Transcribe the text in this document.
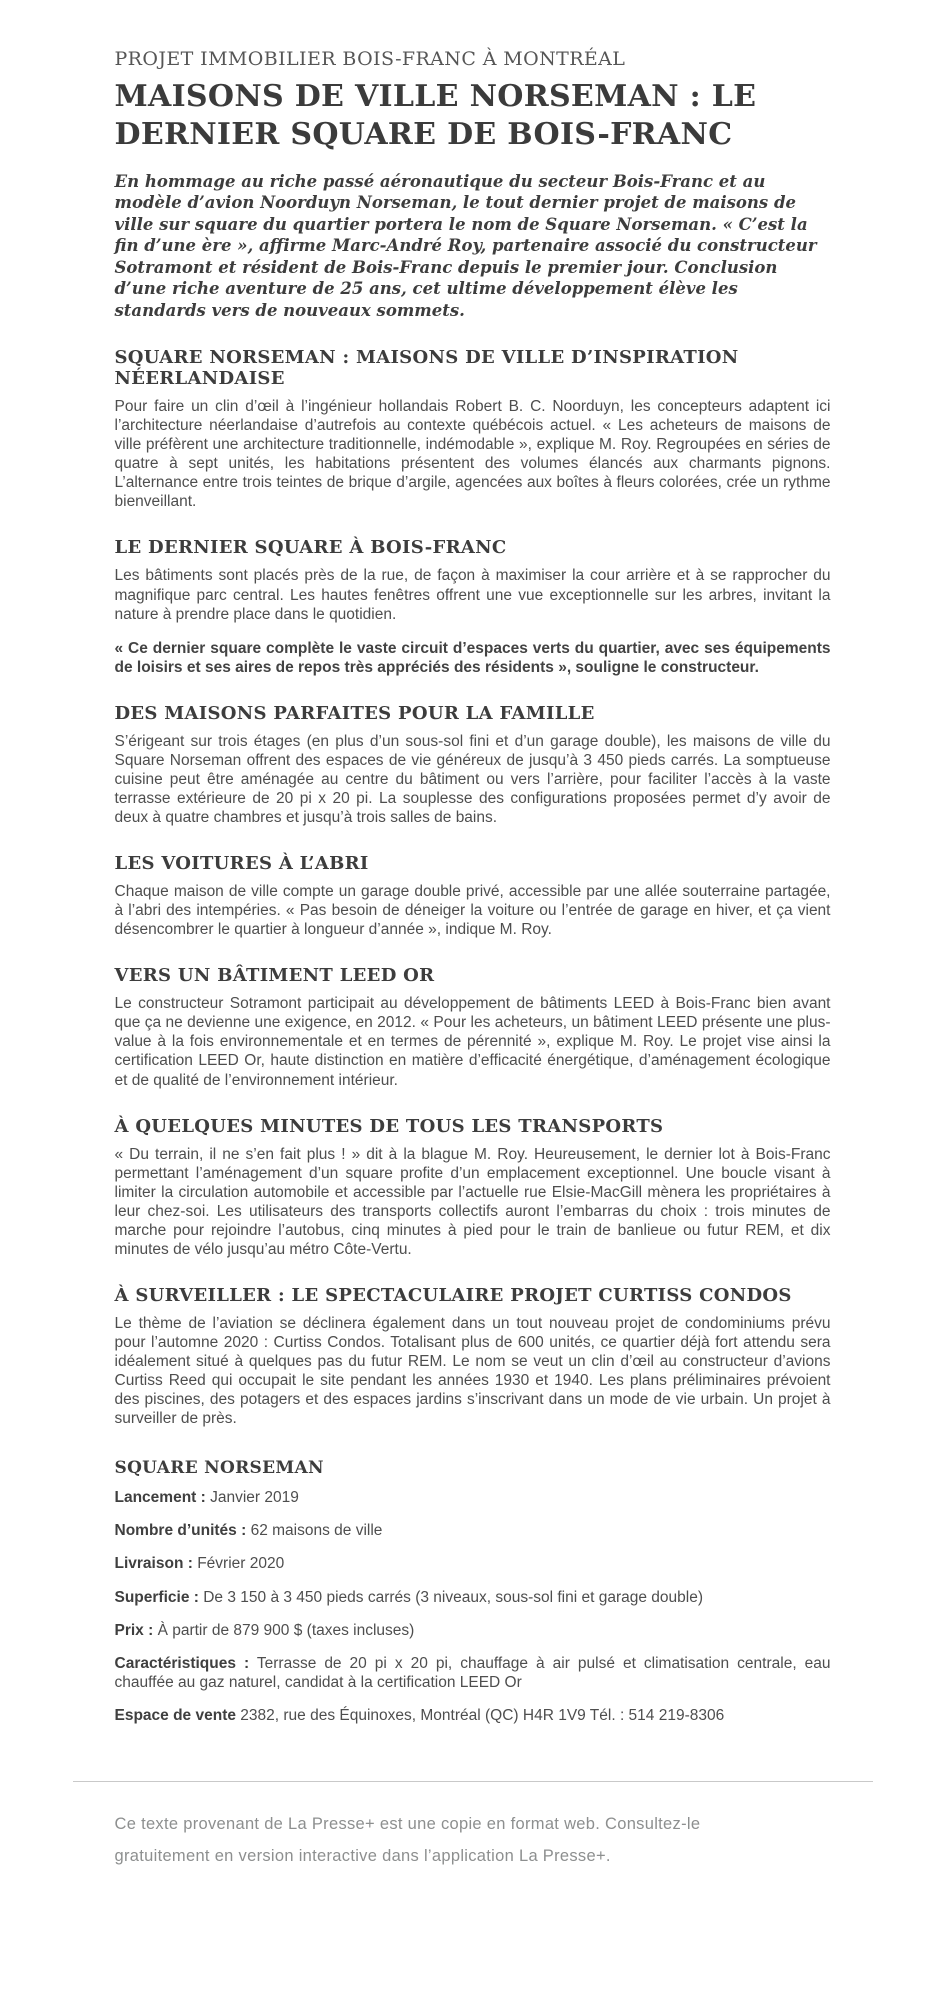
PROJET IMMOBILIER BOIS-FRANC À MONTRÉAL
MAISONS DE VILLE NORSEMAN : LE DERNIER SQUARE DE BOIS-FRANC

En hommage au riche passé aéronautique du secteur Bois-Franc et au modèle d’avion Noorduyn Norseman, le tout dernier projet de maisons de ville sur square du quartier portera le nom de Square Norseman. « C’est la fin d’une ère », affirme Marc-André Roy, partenaire associé du constructeur Sotramont et résident de Bois-Franc depuis le premier jour. Conclusion d’une riche aventure de 25 ans, cet ultime développement élève les standards vers de nouveaux sommets.

SQUARE NORSEMAN : MAISONS DE VILLE D’INSPIRATION NÉERLANDAISE

Pour faire un clin d’œil à l’ingénieur hollandais Robert B. C. Noorduyn, les concepteurs adaptent ici l’architecture néerlandaise d’autrefois au contexte québécois actuel. « Les acheteurs de maisons de ville préfèrent une architecture traditionnelle, indémodable », explique M. Roy. Regroupées en séries de quatre à sept unités, les habitations présentent des volumes élancés aux charmants pignons. L’alternance entre trois teintes de brique d’argile, agencées aux boîtes à fleurs colorées, crée un rythme bienveillant.

LE DERNIER SQUARE À BOIS-FRANC

Les bâtiments sont placés près de la rue, de façon à maximiser la cour arrière et à se rapprocher du magnifique parc central. Les hautes fenêtres offrent une vue exceptionnelle sur les arbres, invitant la nature à prendre place dans le quotidien.

« Ce dernier square complète le vaste circuit d’espaces verts du quartier, avec ses équipements de loisirs et ses aires de repos très appréciés des résidents », souligne le constructeur.

DES MAISONS PARFAITES POUR LA FAMILLE

S’érigeant sur trois étages (en plus d’un sous-sol fini et d’un garage double), les maisons de ville du Square Norseman offrent des espaces de vie généreux de jusqu’à 3 450 pieds carrés. La somptueuse cuisine peut être aménagée au centre du bâtiment ou vers l’arrière, pour faciliter l’accès à la vaste terrasse extérieure de 20 pi x 20 pi. La souplesse des configurations proposées permet d’y avoir de deux à quatre chambres et jusqu’à trois salles de bains.

LES VOITURES À L’ABRI

Chaque maison de ville compte un garage double privé, accessible par une allée souterraine partagée, à l’abri des intempéries. « Pas besoin de déneiger la voiture ou l’entrée de garage en hiver, et ça vient désencombrer le quartier à longueur d’année », indique M. Roy.

VERS UN BÂTIMENT LEED OR

Le constructeur Sotramont participait au développement de bâtiments LEED à Bois-Franc bien avant que ça ne devienne une exigence, en 2012. « Pour les acheteurs, un bâtiment LEED présente une plus-value à la fois environnementale et en termes de pérennité », explique M. Roy. Le projet vise ainsi la certification LEED Or, haute distinction en matière d’efficacité énergétique, d’aménagement écologique et de qualité de l’environnement intérieur.

À QUELQUES MINUTES DE TOUS LES TRANSPORTS

« Du terrain, il ne s’en fait plus ! » dit à la blague M. Roy. Heureusement, le dernier lot à Bois-Franc permettant l’aménagement d’un square profite d’un emplacement exceptionnel. Une boucle visant à limiter la circulation automobile et accessible par l’actuelle rue Elsie-MacGill mènera les propriétaires à leur chez-soi. Les utilisateurs des transports collectifs auront l’embarras du choix : trois minutes de marche pour rejoindre l’autobus, cinq minutes à pied pour le train de banlieue ou futur REM, et dix minutes de vélo jusqu’au métro Côte-Vertu.

À SURVEILLER : LE SPECTACULAIRE PROJET CURTISS CONDOS

Le thème de l’aviation se déclinera également dans un tout nouveau projet de condominiums prévu pour l’automne 2020 : Curtiss Condos. Totalisant plus de 600 unités, ce quartier déjà fort attendu sera idéalement situé à quelques pas du futur REM. Le nom se veut un clin d’œil au constructeur d’avions Curtiss Reed qui occupait le site pendant les années 1930 et 1940. Les plans préliminaires prévoient des piscines, des potagers et des espaces jardins s’inscrivant dans un mode de vie urbain. Un projet à surveiller de près.

SQUARE NORSEMAN

Lancement : Janvier 2019

Nombre d’unités : 62 maisons de ville

Livraison : Février 2020

Superficie : De 3 150 à 3 450 pieds carrés (3 niveaux, sous-sol fini et garage double)

Prix : À partir de 879 900 $ (taxes incluses)

Caractéristiques : Terrasse de 20 pi x 20 pi, chauffage à air pulsé et climatisation centrale, eau chauffée au gaz naturel, candidat à la certification LEED Or

Espace de vente 2382, rue des Équinoxes, Montréal (QC) H4R 1V9 Tél. : 514 219-8306

Ce texte provenant de La Presse+ est une copie en format web. Consultez-le gratuitement en version interactive dans l’application La Presse+.
